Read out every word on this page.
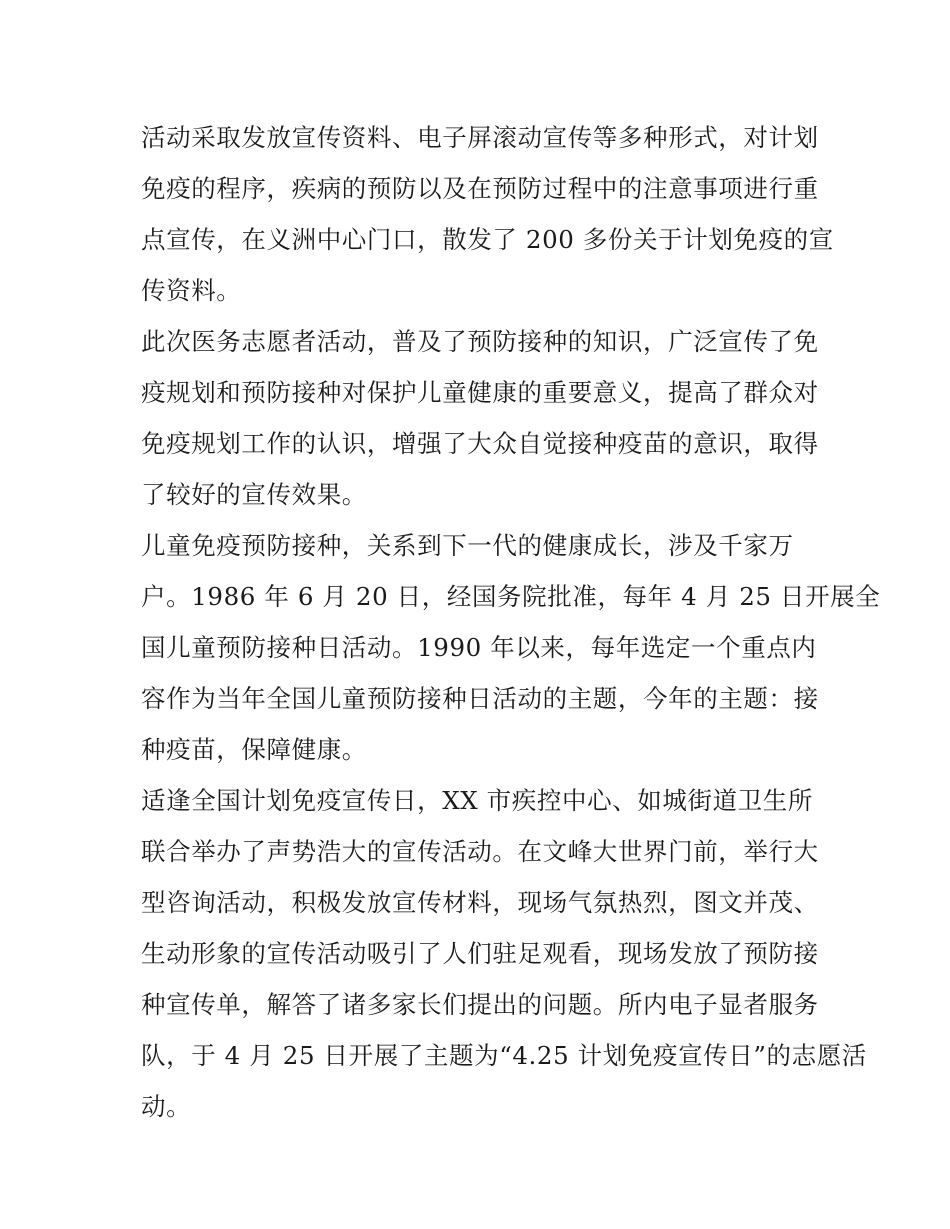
活动采取发放宣传资料、电子屏滚动宣传等多种形式，对计划
免疫的程序，疾病的预防以及在预防过程中的注意事项进行重
点宣传，在义洲中心门口，散发了 200 多份关于计划免疫的宣
传资料。
此次医务志愿者活动，普及了预防接种的知识，广泛宣传了免
疫规划和预防接种对保护儿童健康的重要意义，提高了群众对
免疫规划工作的认识，增强了大众自觉接种疫苗的意识，取得
了较好的宣传效果。
儿童免疫预防接种，关系到下一代的健康成长，涉及千家万
户。1986 年 6 月 20 日，经国务院批准，每年 4 月 25 日开展全
国儿童预防接种日活动。1990 年以来，每年选定一个重点内
容作为当年全国儿童预防接种日活动的主题，今年的主题：接
种疫苗，保障健康。
适逢全国计划免疫宣传日，XX 市疾控中心、如城街道卫生所
联合举办了声势浩大的宣传活动。在文峰大世界门前，举行大
型咨询活动，积极发放宣传材料，现场气氛热烈，图文并茂、
生动形象的宣传活动吸引了人们驻足观看，现场发放了预防接
种宣传单，解答了诸多家长们提出的问题。所内电子显者服务
队，于 4 月 25 日开展了主题为“4.25 计划免疫宣传日”的志愿活
动。
